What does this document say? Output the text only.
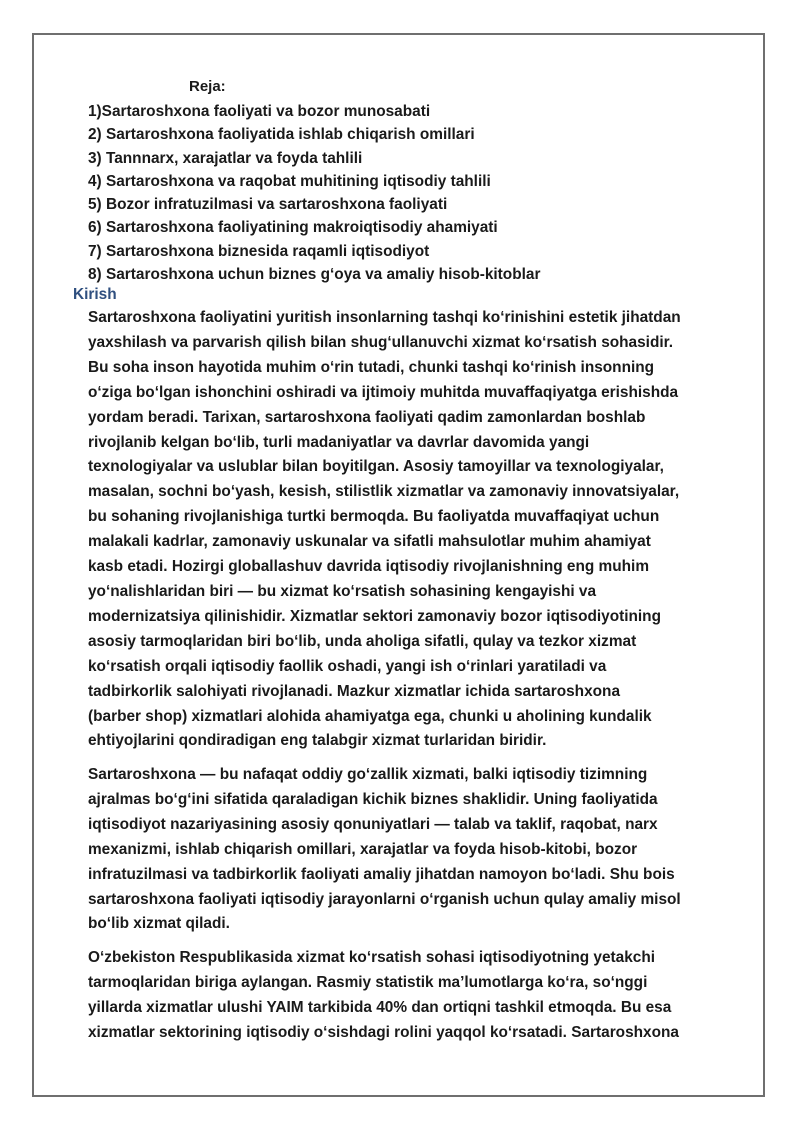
Reja:
1)Sartaroshxona faoliyati va bozor munosabati
2) Sartaroshxona faoliyatida ishlab chiqarish omillari
3) Tannnarx, xarajatlar va foyda tahlili
4) Sartaroshxona va raqobat muhitining iqtisodiy tahlili
5) Bozor infratuzilmasi va sartaroshxona faoliyati
6) Sartaroshxona faoliyatining makroiqtisodiy ahamiyati
7) Sartaroshxona biznesida raqamli iqtisodiyot
8) Sartaroshxona uchun biznes g‘oya va amaliy hisob-kitoblar
Kirish

Sartaroshxona faoliyatini yuritish insonlarning tashqi ko‘rinishini estetik jihatdan
yaxshilash va parvarish qilish bilan shug‘ullanuvchi xizmat ko‘rsatish sohasidir.
Bu soha inson hayotida muhim o‘rin tutadi, chunki tashqi ko‘rinish insonning
o‘ziga bo‘lgan ishonchini oshiradi va ijtimoiy muhitda muvaffaqiyatga erishishda
yordam beradi. Tarixan, sartaroshxona faoliyati qadim zamonlardan boshlab
rivojlanib kelgan bo‘lib, turli madaniyatlar va davrlar davomida yangi
texnologiyalar va uslublar bilan boyitilgan. Asosiy tamoyillar va texnologiyalar,
masalan, sochni bo‘yash, kesish, stilistlik xizmatlar va zamonaviy innovatsiyalar,
bu sohaning rivojlanishiga turtki bermoqda. Bu faoliyatda muvaffaqiyat uchun
malakali kadrlar, zamonaviy uskunalar va sifatli mahsulotlar muhim ahamiyat
kasb etadi. Hozirgi globallashuv davrida iqtisodiy rivojlanishning eng muhim
yo‘nalishlaridan biri — bu xizmat ko‘rsatish sohasining kengayishi va
modernizatsiya qilinishidir. Xizmatlar sektori zamonaviy bozor iqtisodiyotining
asosiy tarmoqlaridan biri bo‘lib, unda aholiga sifatli, qulay va tezkor xizmat
ko‘rsatish orqali iqtisodiy faollik oshadi, yangi ish o‘rinlari yaratiladi va
tadbirkorlik salohiyati rivojlanadi. Mazkur xizmatlar ichida sartaroshxona
(barber shop) xizmatlari alohida ahamiyatga ega, chunki u aholining kundalik
ehtiyojlarini qondiradigan eng talabgir xizmat turlaridan biridir.

Sartaroshxona — bu nafaqat oddiy go‘zallik xizmati, balki iqtisodiy tizimning
ajralmas bo‘g‘ini sifatida qaraladigan kichik biznes shaklidir. Uning faoliyatida
iqtisodiyot nazariyasining asosiy qonuniyatlari — talab va taklif, raqobat, narx
mexanizmi, ishlab chiqarish omillari, xarajatlar va foyda hisob-kitobi, bozor
infratuzilmasi va tadbirkorlik faoliyati amaliy jihatdan namoyon bo‘ladi. Shu bois
sartaroshxona faoliyati iqtisodiy jarayonlarni o‘rganish uchun qulay amaliy misol
bo‘lib xizmat qiladi.

O‘zbekiston Respublikasida xizmat ko‘rsatish sohasi iqtisodiyotning yetakchi
tarmoqlaridan biriga aylangan. Rasmiy statistik ma’lumotlarga ko‘ra, so‘nggi
yillarda xizmatlar ulushi YAIM tarkibida 40% dan ortiqni tashkil etmoqda. Bu esa
xizmatlar sektorining iqtisodiy o‘sishdagi rolini yaqqol ko‘rsatadi. Sartaroshxona
